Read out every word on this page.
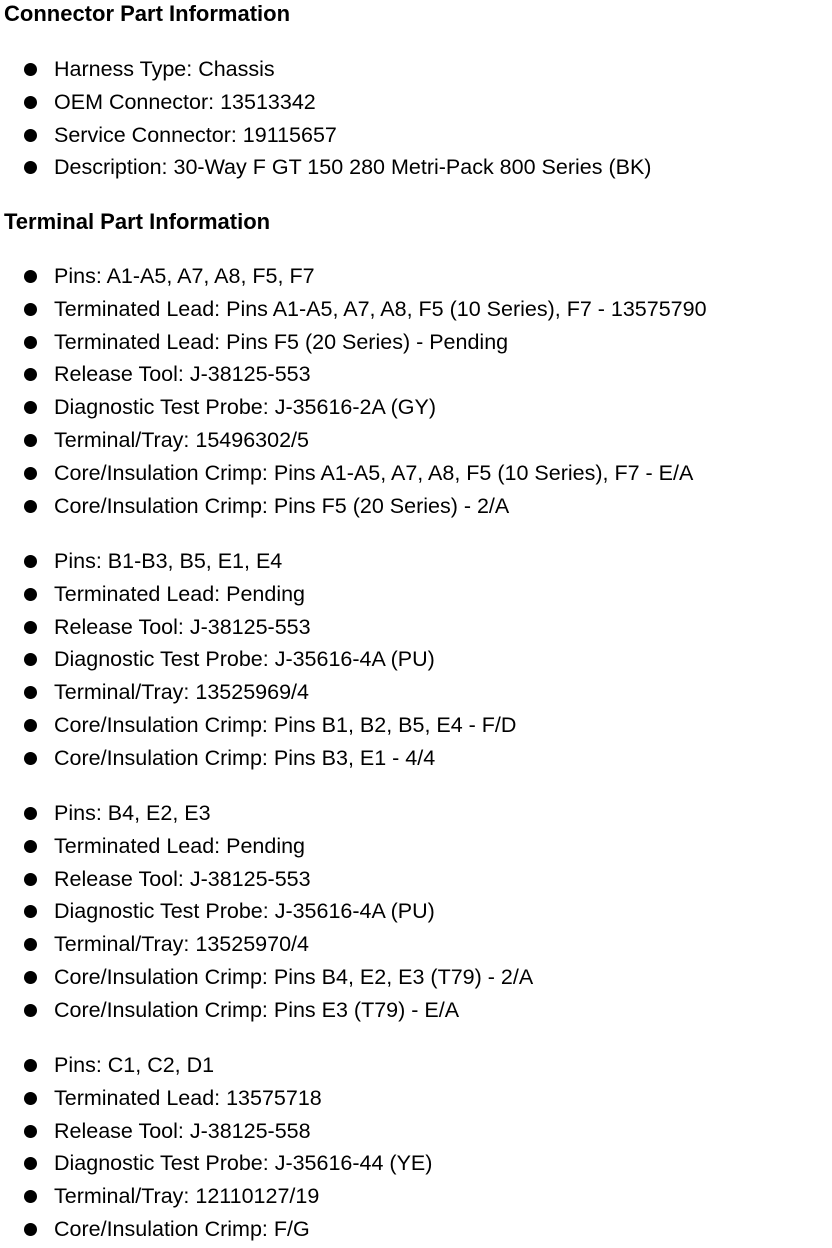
Connector Part Information
Harness Type: Chassis
OEM Connector: 13513342
Service Connector: 19115657
Description: 30-Way F GT 150 280 Metri-Pack 800 Series (BK)
Terminal Part Information
Pins: A1-A5, A7, A8, F5, F7
Terminated Lead: Pins A1-A5, A7, A8, F5 (10 Series), F7 - 13575790
Terminated Lead: Pins F5 (20 Series) - Pending
Release Tool: J-38125-553
Diagnostic Test Probe: J-35616-2A (GY)
Terminal/Tray: 15496302/5
Core/Insulation Crimp: Pins A1-A5, A7, A8, F5 (10 Series), F7 - E/A
Core/Insulation Crimp: Pins F5 (20 Series) - 2/A
Pins: B1-B3, B5, E1, E4
Terminated Lead: Pending
Release Tool: J-38125-553
Diagnostic Test Probe: J-35616-4A (PU)
Terminal/Tray: 13525969/4
Core/Insulation Crimp: Pins B1, B2, B5, E4 - F/D
Core/Insulation Crimp: Pins B3, E1 - 4/4
Pins: B4, E2, E3
Terminated Lead: Pending
Release Tool: J-38125-553
Diagnostic Test Probe: J-35616-4A (PU)
Terminal/Tray: 13525970/4
Core/Insulation Crimp: Pins B4, E2, E3 (T79) - 2/A
Core/Insulation Crimp: Pins E3 (T79) - E/A
Pins: C1, C2, D1
Terminated Lead: 13575718
Release Tool: J-38125-558
Diagnostic Test Probe: J-35616-44 (YE)
Terminal/Tray: 12110127/19
Core/Insulation Crimp: F/G
